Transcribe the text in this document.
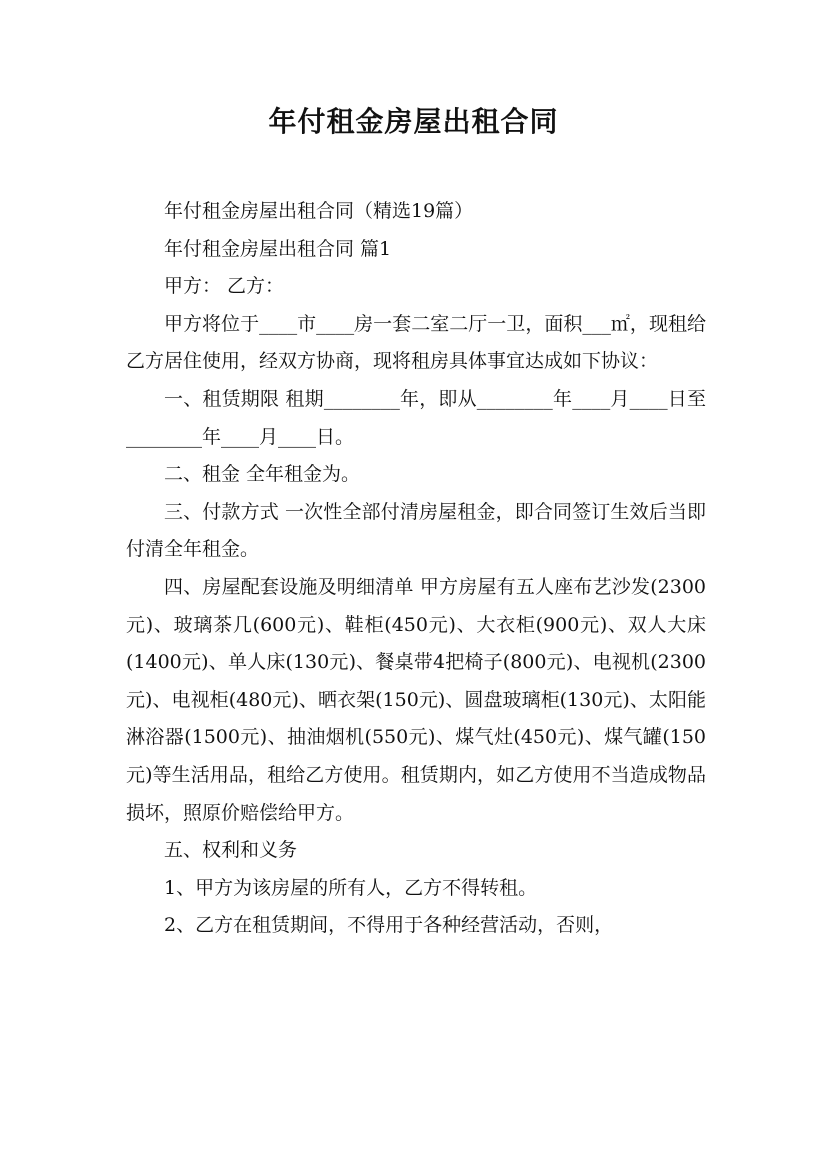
年付租金房屋出租合同

年付租金房屋出租合同（精选19篇）

年付租金房屋出租合同 篇1

甲方： 乙方：

甲方将位于____市____房一套二室二厅一卫，面积___㎡，现租给乙方居住使用，经双方协商，现将租房具体事宜达成如下协议：

一、租赁期限 租期________年，即从________年____月____日至________年____月____日。

二、租金 全年租金为。

三、付款方式 一次性全部付清房屋租金，即合同签订生效后当即付清全年租金。

四、房屋配套设施及明细清单 甲方房屋有五人座布艺沙发(2300元)、玻璃茶几(600元)、鞋柜(450元)、大衣柜(900元)、双人大床(1400元)、单人床(130元)、餐桌带4把椅子(800元)、电视机(2300元)、电视柜(480元)、晒衣架(150元)、圆盘玻璃柜(130元)、太阳能淋浴器(1500元)、抽油烟机(550元)、煤气灶(450元)、煤气罐(150元)等生活用品，租给乙方使用。租赁期内，如乙方使用不当造成物品损坏，照原价赔偿给甲方。

五、权利和义务

1、甲方为该房屋的所有人，乙方不得转租。

2、乙方在租赁期间，不得用于各种经营活动，否则，
